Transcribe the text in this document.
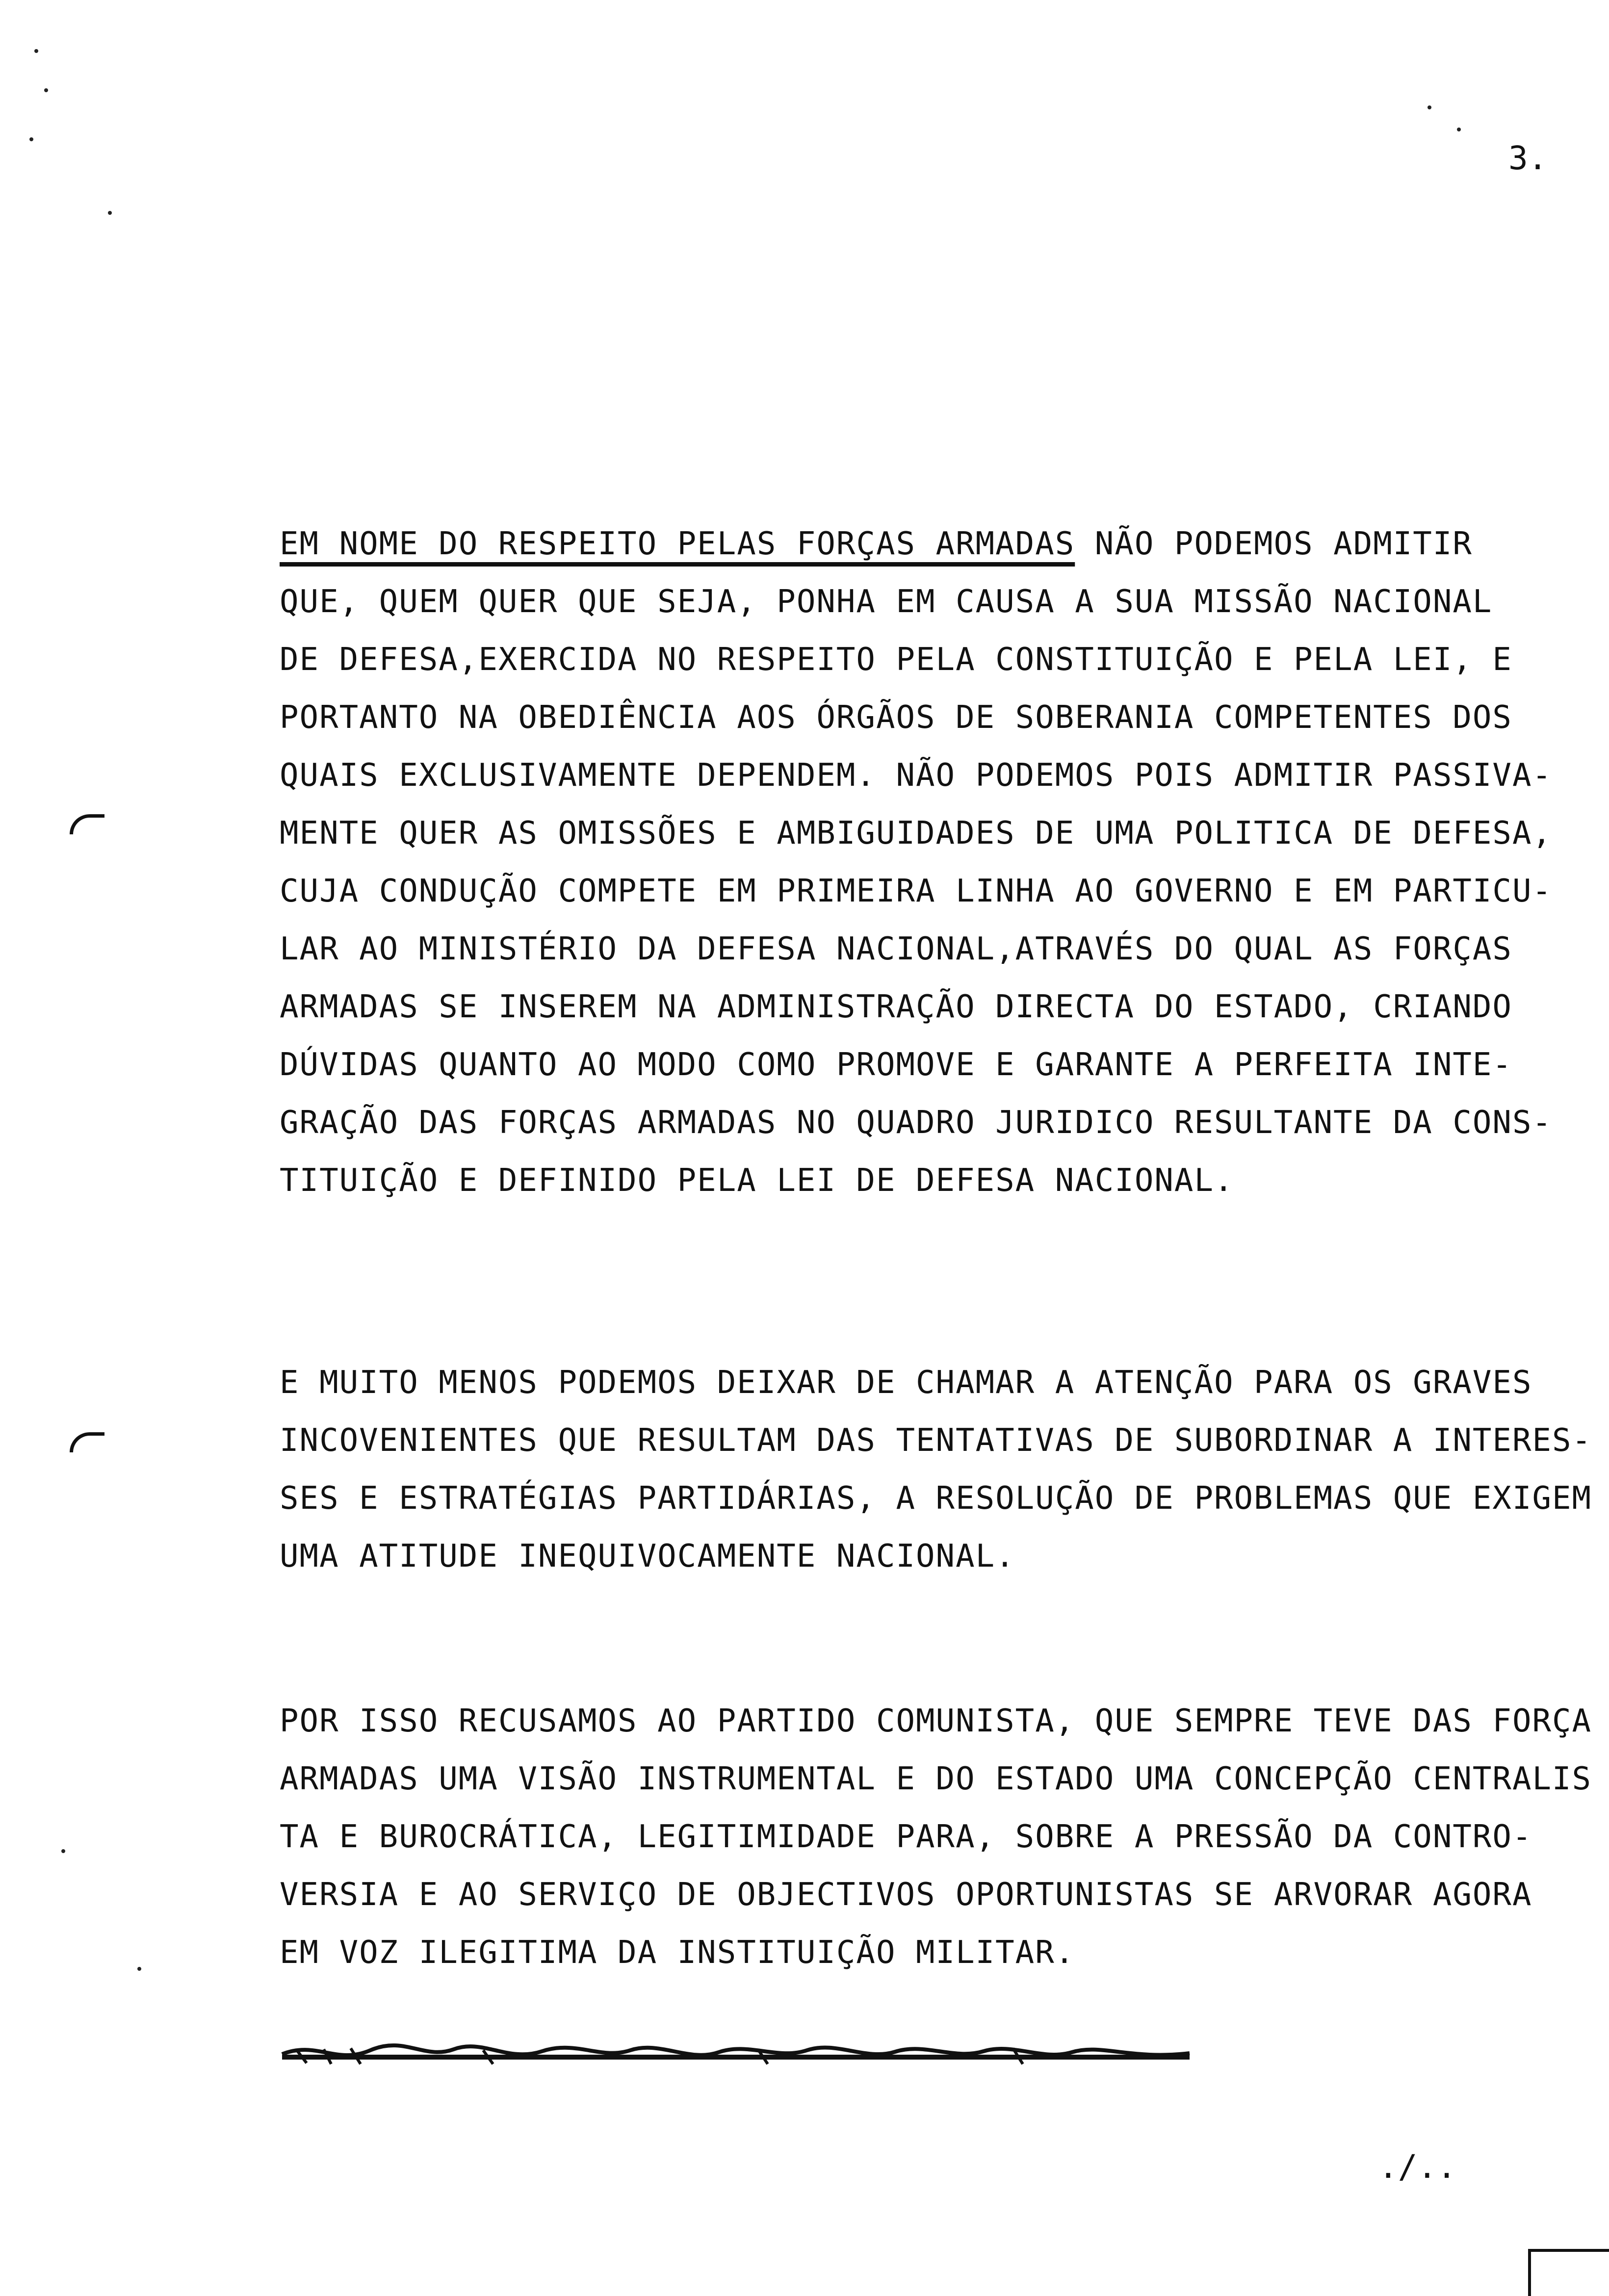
3.

EM NOME DO RESPEITO PELAS FORÇAS ARMADAS NÃO PODEMOS ADMITIR
QUE, QUEM QUER QUE SEJA, PONHA EM CAUSA A SUA MISSÃO NACIONAL
DE DEFESA,EXERCIDA NO RESPEITO PELA CONSTITUIÇÃO E PELA LEI, E
PORTANTO NA OBEDIÊNCIA AOS ÓRGÃOS DE SOBERANIA COMPETENTES DOS
QUAIS EXCLUSIVAMENTE DEPENDEM. NÃO PODEMOS POIS ADMITIR PASSIVA-
MENTE QUER AS OMISSÕES E AMBIGUIDADES DE UMA POLITICA DE DEFESA,
CUJA CONDUÇÃO COMPETE EM PRIMEIRA LINHA AO GOVERNO E EM PARTICU-
LAR AO MINISTÉRIO DA DEFESA NACIONAL,ATRAVÉS DO QUAL AS FORÇAS
ARMADAS SE INSEREM NA ADMINISTRAÇÃO DIRECTA DO ESTADO, CRIANDO
DÚVIDAS QUANTO AO MODO COMO PROMOVE E GARANTE A PERFEITA INTE-
GRAÇÃO DAS FORÇAS ARMADAS NO QUADRO JURIDICO RESULTANTE DA CONS-
TITUIÇÃO E DEFINIDO PELA LEI DE DEFESA NACIONAL.

E MUITO MENOS PODEMOS DEIXAR DE CHAMAR A ATENÇÃO PARA OS GRAVES
INCOVENIENTES QUE RESULTAM DAS TENTATIVAS DE SUBORDINAR A INTERES-
SES E ESTRATÉGIAS PARTIDÁRIAS, A RESOLUÇÃO DE PROBLEMAS QUE EXIGEM
UMA ATITUDE INEQUIVOCAMENTE NACIONAL.

POR ISSO RECUSAMOS AO PARTIDO COMUNISTA, QUE SEMPRE TEVE DAS FORÇA
ARMADAS UMA VISÃO INSTRUMENTAL E DO ESTADO UMA CONCEPÇÃO CENTRALIS
TA E BUROCRÁTICA, LEGITIMIDADE PARA, SOBRE A PRESSÃO DA CONTRO-
VERSIA E AO SERVIÇO DE OBJECTIVOS OPORTUNISTAS SE ARVORAR AGORA
EM VOZ ILEGITIMA DA INSTITUIÇÃO MILITAR.

./..
